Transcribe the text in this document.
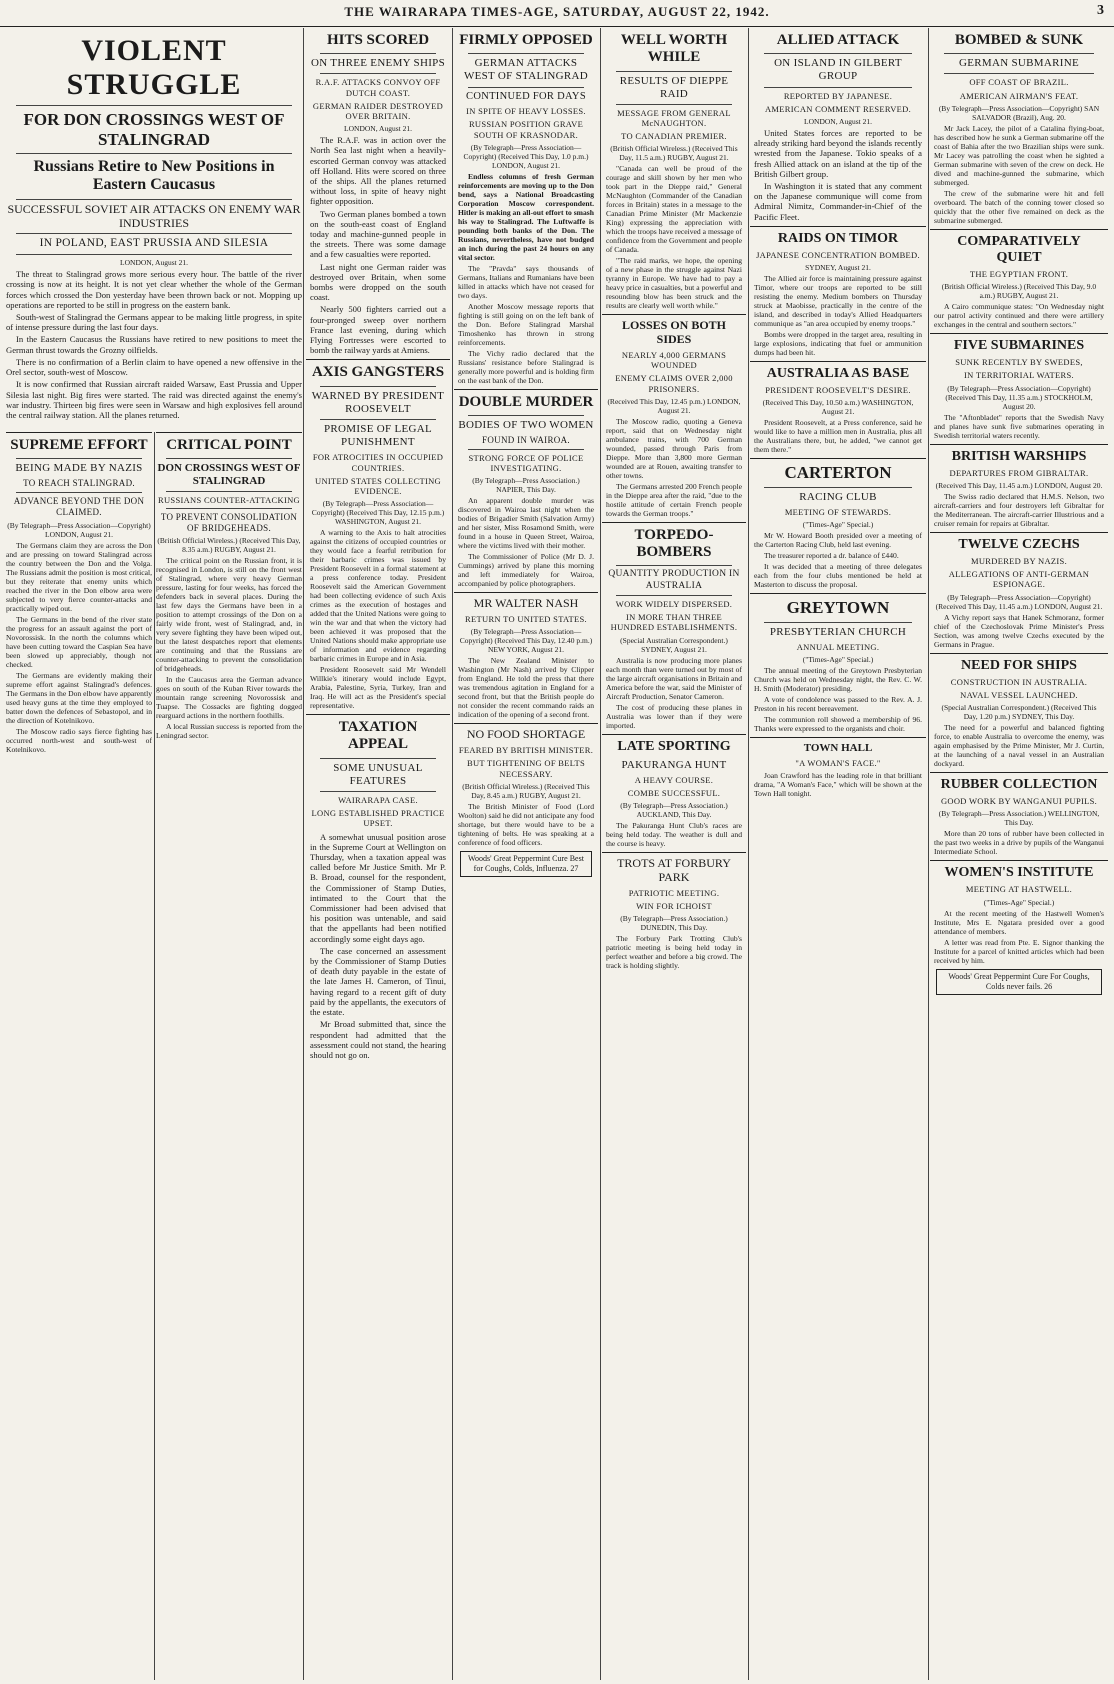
THE WAIRARAPA TIMES-AGE, SATURDAY, AUGUST 22, 1942.	3
VIOLENT STRUGGLE
FOR DON CROSSINGS WEST OF STALINGRAD
Russians Retire to New Positions in Eastern Caucasus
SUCCESSFUL SOVIET AIR ATTACKS ON ENEMY WAR INDUSTRIES
IN POLAND, EAST PRUSSIA AND SILESIA

LONDON, August 21.

The threat to Stalingrad grows more serious every hour. The battle of the river crossing is now at its height. It is not yet clear whether the whole of the German forces which crossed the Don yesterday have been thrown back or not. Mopping up operations are reported to be still in progress on the eastern bank.

South-west of Stalingrad the Germans appear to be making little progress, in spite of intense pressure during the last four days.

In the Eastern Caucasus the Russians have retired to new positions to meet the German thrust towards the Grozny oilfields.

There is no confirmation of a Berlin claim to have opened a new offensive in the Orel sector, south-west of Moscow.

It is now confirmed that Russian aircraft raided Warsaw, East Prussia and Upper Silesia last night. Big fires were started. The raid was directed against the enemy's war industry. Thirteen big fires were seen in Warsaw and high explosives fell around the central railway station. All the planes returned.

SUPREME EFFORT
BEING MADE BY NAZIS
TO REACH STALINGRAD.
ADVANCE BEYOND THE DON CLAIMED.

(By Telegraph—Press Association—Copyright) LONDON, August 21.

The Germans claim they are across the Don and are pressing on toward Stalingrad across the country between the Don and the Volga. The Russians admit the position is most critical, but they reiterate that enemy units which reached the river in the Don elbow area were subjected to very fierce counter-attacks and practically wiped out.

The Germans in the bend of the river state the progress for an assault against the port of Novorossisk. In the north the columns which have been cutting toward the Caspian Sea have been slowed up appreciably, though not checked.

The Germans are evidently making their supreme effort against Stalingrad's defences. The Germans in the Don elbow have apparently used heavy guns at the time they employed to batter down the defences of Sebastopol, and in the direction of Kotelnikovo.

The Moscow radio says fierce fighting has occurred north-west and south-west of Kotelnikovo.

CRITICAL POINT
DON CROSSINGS WEST OF STALINGRAD
RUSSIANS COUNTER-ATTACKING
TO PREVENT CONSOLIDATION OF BRIDGEHEADS.

(British Official Wireless.) (Received This Day, 8.35 a.m.) RUGBY, August 21.

The critical point on the Russian front, it is recognised in London, is still on the front west of Stalingrad, where very heavy German pressure, lasting for four weeks, has forced the defenders back in several places. During the last few days the Germans have been in a position to attempt crossings of the Don on a fairly wide front, west of Stalingrad, and, in very severe fighting they have been wiped out, but the latest despatches report that elements are continuing and that the Russians are counter-attacking to prevent the consolidation of bridgeheads.

In the Caucasus area the German advance goes on south of the Kuban River towards the mountain range screening Novorossisk and Tuapse. The Cossacks are fighting dogged rearguard actions in the northern foothills.

A local Russian success is reported from the Leningrad sector.

HITS SCORED
ON THREE ENEMY SHIPS
R.A.F. ATTACKS CONVOY OFF DUTCH COAST.
GERMAN RAIDER DESTROYED OVER BRITAIN.

LONDON, August 21.

The R.A.F. was in action over the North Sea last night when a heavily-escorted German convoy was attacked off Holland. Hits were scored on three of the ships. All the planes returned without loss, in spite of heavy night fighter opposition.

Two German planes bombed a town on the south-east coast of England today and machine-gunned people in the streets. There was some damage and a few casualties were reported.

Last night one German raider was destroyed over Britain, when some bombs were dropped on the south coast.

Nearly 500 fighters carried out a four-pronged sweep over northern France last evening, during which Flying Fortresses were escorted to bomb the railway yards at Amiens.

AXIS GANGSTERS
WARNED BY PRESIDENT ROOSEVELT
PROMISE OF LEGAL PUNISHMENT
FOR ATROCITIES IN OCCUPIED COUNTRIES.
UNITED STATES COLLECTING EVIDENCE.

(By Telegraph—Press Association—Copyright) (Received This Day, 12.15 p.m.) WASHINGTON, August 21.

A warning to the Axis to halt atrocities against the citizens of occupied countries or they would face a fearful retribution for their barbaric crimes was issued by President Roosevelt in a formal statement at a press conference today. President Roosevelt said the American Government had been collecting evidence of such Axis crimes as the execution of hostages and added that the United Nations were going to win the war and that when the victory had been achieved it was proposed that the United Nations should make appropriate use of information and evidence regarding barbaric crimes in Europe and in Asia.

President Roosevelt said Mr Wendell Willkie's itinerary would include Egypt, Arabia, Palestine, Syria, Turkey, Iran and Iraq. He will act as the President's special representative.

TAXATION APPEAL
SOME UNUSUAL FEATURES
WAIRARAPA CASE.
LONG ESTABLISHED PRACTICE UPSET.

A somewhat unusual position arose in the Supreme Court at Wellington on Thursday, when a taxation appeal was called before Mr Justice Smith. Mr P. B. Broad, counsel for the respondent, the Commissioner of Stamp Duties, intimated to the Court that the Commissioner had been advised that his position was untenable, and said that the appellants had been notified accordingly some eight days ago.

The case concerned an assessment by the Commissioner of Stamp Duties of death duty payable in the estate of the late James H. Cameron, of Tinui, having regard to a recent gift of duty paid by the appellants, the executors of the estate.

Mr Broad submitted that, since the respondent had admitted that the assessment could not stand, the hearing should not go on.

FIRMLY OPPOSED
GERMAN ATTACKS WEST OF STALINGRAD
CONTINUED FOR DAYS
IN SPITE OF HEAVY LOSSES.
RUSSIAN POSITION GRAVE SOUTH OF KRASNODAR.

(By Telegraph—Press Association—Copyright) (Received This Day, 1.0 p.m.) LONDON, August 21.

Endless columns of fresh German reinforcements are moving up to the Don bend, says a National Broadcasting Corporation Moscow correspondent. Hitler is making an all-out effort to smash his way to Stalingrad. The Luftwaffe is pounding both banks of the Don. The Russians, nevertheless, have not budged an inch during the past 24 hours on any vital sector.

The "Pravda" says thousands of Germans, Italians and Rumanians have been killed in attacks which have not ceased for two days.

Another Moscow message reports that fighting is still going on on the left bank of the Don. Before Stalingrad Marshal Timoshenko has thrown in strong reinforcements.

The Vichy radio declared that the Russians' resistance before Stalingrad is generally more powerful and is holding firm on the east bank of the Don.

DOUBLE MURDER
BODIES OF TWO WOMEN
FOUND IN WAIROA.
STRONG FORCE OF POLICE INVESTIGATING.

(By Telegraph—Press Association.) NAPIER, This Day.

An apparent double murder was discovered in Wairoa last night when the bodies of Brigadier Smith (Salvation Army) and her sister, Miss Rosamond Smith, were found in a house in Queen Street, Wairoa, where the victims lived with their mother.

The Commissioner of Police (Mr D. J. Cummings) arrived by plane this morning and left immediately for Wairoa, accompanied by police photographers.

MR WALTER NASH
RETURN TO UNITED STATES.

(By Telegraph—Press Association—Copyright) (Received This Day, 12.40 p.m.) NEW YORK, August 21.

The New Zealand Minister to Washington (Mr Nash) arrived by Clipper from England. He told the press that there was tremendous agitation in England for a second front, but that the British people do not consider the recent commando raids an indication of the opening of a second front.

NO FOOD SHORTAGE
FEARED BY BRITISH MINISTER.
BUT TIGHTENING OF BELTS NECESSARY.

(British Official Wireless.) (Received This Day, 8.45 a.m.) RUGBY, August 21.

The British Minister of Food (Lord Woolton) said he did not anticipate any food shortage, but there would have to be a tightening of belts. He was speaking at a conference of food officers.

Woods' Great Peppermint Cure Best for Coughs, Colds, Influenza. 27
WELL WORTH WHILE
RESULTS OF DIEPPE RAID
MESSAGE FROM GENERAL McNAUGHTON.
TO CANADIAN PREMIER.

(British Official Wireless.) (Received This Day, 11.5 a.m.) RUGBY, August 21.

"Canada can well be proud of the courage and skill shown by her men who took part in the Dieppe raid," General McNaughton (Commander of the Canadian forces in Britain) states in a message to the Canadian Prime Minister (Mr Mackenzie King) expressing the appreciation with which the troops have received a message of confidence from the Government and people of Canada.

"The raid marks, we hope, the opening of a new phase in the struggle against Nazi tyranny in Europe. We have had to pay a heavy price in casualties, but a powerful and resounding blow has been struck and the results are clearly well worth while."

LOSSES ON BOTH SIDES
NEARLY 4,000 GERMANS WOUNDED
ENEMY CLAIMS OVER 2,000 PRISONERS.

(Received This Day, 12.45 p.m.) LONDON, August 21.

The Moscow radio, quoting a Geneva report, said that on Wednesday night ambulance trains, with 700 German wounded, passed through Paris from Dieppe. More than 3,800 more German wounded are at Rouen, awaiting transfer to other towns.

The Germans arrested 200 French people in the Dieppe area after the raid, "due to the hostile attitude of certain French people towards the German troops."

TORPEDO-BOMBERS
QUANTITY PRODUCTION IN AUSTRALIA
WORK WIDELY DISPERSED.
IN MORE THAN THREE HUNDRED ESTABLISHMENTS.

(Special Australian Correspondent.) SYDNEY, August 21.

Australia is now producing more planes each month than were turned out by most of the large aircraft organisations in Britain and America before the war, said the Minister of Aircraft Production, Senator Cameron.

The cost of producing these planes in Australia was lower than if they were imported.

LATE SPORTING
PAKURANGA HUNT
A HEAVY COURSE.
COMBE SUCCESSFUL.

(By Telegraph—Press Association.) AUCKLAND, This Day.

The Pakuranga Hunt Club's races are being held today. The weather is dull and the course is heavy.

TROTS AT FORBURY PARK
PATRIOTIC MEETING.
WIN FOR ICHOIST

(By Telegraph—Press Association.) DUNEDIN, This Day.

The Forbury Park Trotting Club's patriotic meeting is being held today in perfect weather and before a big crowd. The track is holding slightly.

ALLIED ATTACK
ON ISLAND IN GILBERT GROUP
REPORTED BY JAPANESE.
AMERICAN COMMENT RESERVED.

LONDON, August 21.

United States forces are reported to be already striking hard beyond the islands recently wrested from the Japanese. Tokio speaks of a fresh Allied attack on an island at the tip of the British Gilbert group.

In Washington it is stated that any comment on the Japanese communique will come from Admiral Nimitz, Commander-in-Chief of the Pacific Fleet.

RAIDS ON TIMOR
JAPANESE CONCENTRATION BOMBED.

SYDNEY, August 21.

The Allied air force is maintaining pressure against Timor, where our troops are reported to be still resisting the enemy. Medium bombers on Thursday struck at Maobisse, practically in the centre of the island, and described in today's Allied Headquarters communique as "an area occupied by enemy troops."

Bombs were dropped in the target area, resulting in large explosions, indicating that fuel or ammunition dumps had been hit.

AUSTRALIA AS BASE
PRESIDENT ROOSEVELT'S DESIRE.

(Received This Day, 10.50 a.m.) WASHINGTON, August 21.

President Roosevelt, at a Press conference, said he would like to have a million men in Australia, plus all the Australians there, but, he added, "we cannot get them there."

CARTERTON
RACING CLUB
MEETING OF STEWARDS.

("Times-Age" Special.)

Mr W. Howard Booth presided over a meeting of the Carterton Racing Club, held last evening.

The treasurer reported a dr. balance of £440.

It was decided that a meeting of three delegates each from the four clubs mentioned be held at Masterton to discuss the proposal.

GREYTOWN
PRESBYTERIAN CHURCH
ANNUAL MEETING.

("Times-Age" Special.)

The annual meeting of the Greytown Presbyterian Church was held on Wednesday night, the Rev. C. W. H. Smith (Moderator) presiding.

A vote of condolence was passed to the Rev. A. J. Preston in his recent bereavement.

The communion roll showed a membership of 96. Thanks were expressed to the organists and choir.

TOWN HALL
"A WOMAN'S FACE."

Joan Crawford has the leading role in that brilliant drama, "A Woman's Face," which will be shown at the Town Hall tonight.

BOMBED & SUNK
GERMAN SUBMARINE
OFF COAST OF BRAZIL.
AMERICAN AIRMAN'S FEAT.

(By Telegraph—Press Association—Copyright) SAN SALVADOR (Brazil), Aug. 20.

Mr Jack Lacey, the pilot of a Catalina flying-boat, has described how he sunk a German submarine off the coast of Bahia after the two Brazilian ships were sunk. Mr Lacey was patrolling the coast when he sighted a German submarine with seven of the crew on deck. He dived and machine-gunned the submarine, which submerged.

The crew of the submarine were hit and fell overboard. The batch of the conning tower closed so quickly that the other five remained on deck as the submarine submerged.

COMPARATIVELY QUIET
THE EGYPTIAN FRONT.

(British Official Wireless.) (Received This Day, 9.0 a.m.) RUGBY, August 21.

A Cairo communique states: "On Wednesday night our patrol activity continued and there were artillery exchanges in the central and southern sectors."

FIVE SUBMARINES
SUNK RECENTLY BY SWEDES,
IN TERRITORIAL WATERS.

(By Telegraph—Press Association—Copyright) (Received This Day, 11.35 a.m.) STOCKHOLM, August 20.

The "Aftonbladet" reports that the Swedish Navy and planes have sunk five submarines operating in Swedish territorial waters recently.

BRITISH WARSHIPS
DEPARTURES FROM GIBRALTAR.

(Received This Day, 11.45 a.m.) LONDON, August 20.

The Swiss radio declared that H.M.S. Nelson, two aircraft-carriers and four destroyers left Gibraltar for the Mediterranean. The aircraft-carrier Illustrious and a cruiser remain for repairs at Gibraltar.

TWELVE CZECHS
MURDERED BY NAZIS.
ALLEGATIONS OF ANTI-GERMAN ESPIONAGE.

(By Telegraph—Press Association—Copyright) (Received This Day, 11.45 a.m.) LONDON, August 21.

A Vichy report says that Hanek Schmoranz, former chief of the Czechoslovak Prime Minister's Press Section, was among twelve Czechs executed by the Germans in Prague.

NEED FOR SHIPS
CONSTRUCTION IN AUSTRALIA.
NAVAL VESSEL LAUNCHED.

(Special Australian Correspondent.) (Received This Day, 1.20 p.m.) SYDNEY, This Day.

The need for a powerful and balanced fighting force, to enable Australia to overcome the enemy, was again emphasised by the Prime Minister, Mr J. Curtin, at the launching of a naval vessel in an Australian dockyard.

RUBBER COLLECTION
GOOD WORK BY WANGANUI PUPILS.

(By Telegraph—Press Association.) WELLINGTON, This Day.

More than 20 tons of rubber have been collected in the past two weeks in a drive by pupils of the Wanganui Intermediate School.

WOMEN'S INSTITUTE
MEETING AT HASTWELL.

("Times-Age" Special.)

At the recent meeting of the Hastwell Women's Institute, Mrs E. Ngatara presided over a good attendance of members.

A letter was read from Pte. E. Signor thanking the Institute for a parcel of knitted articles which had been received by him.

Woods' Great Peppermint Cure For Coughs, Colds never fails. 26
